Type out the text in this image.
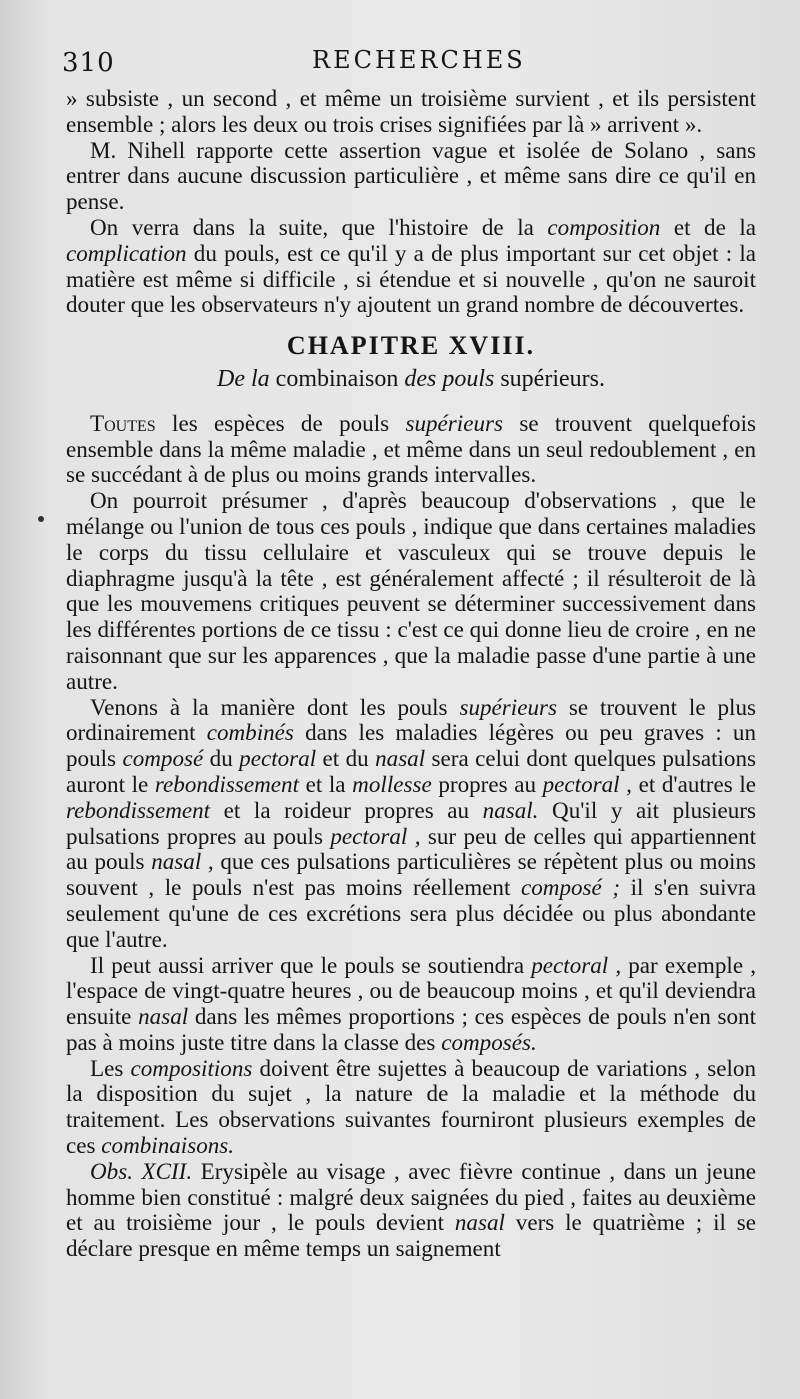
310	RECHERCHES

» subsiste , un second , et même un troisième survient , et ils persistent ensemble ; alors les deux ou trois crises signifiées par là » arrivent ».

M. Nihell rapporte cette assertion vague et isolée de Solano , sans entrer dans aucune discussion particulière , et même sans dire ce qu'il en pense.

On verra dans la suite, que l'histoire de la composition et de la complication du pouls, est ce qu'il y a de plus important sur cet objet : la matière est même si difficile , si étendue et si nouvelle , qu'on ne sauroit douter que les observateurs n'y ajoutent un grand nombre de découvertes.

CHAPITRE XVIII.
De la combinaison des pouls supérieurs.

Toutes les espèces de pouls supérieurs se trouvent quelquefois ensemble dans la même maladie , et même dans un seul redoublement , en se succédant à de plus ou moins grands intervalles.

On pourroit présumer , d'après beaucoup d'observations , que le mélange ou l'union de tous ces pouls , indique que dans certaines maladies le corps du tissu cellulaire et vasculeux qui se trouve depuis le diaphragme jusqu'à la tête , est généralement affecté ; il résulteroit de là que les mouvemens critiques peuvent se déterminer successivement dans les différentes portions de ce tissu : c'est ce qui donne lieu de croire , en ne raisonnant que sur les apparences , que la maladie passe d'une partie à une autre.

Venons à la manière dont les pouls supérieurs se trouvent le plus ordinairement combinés dans les maladies légères ou peu graves : un pouls composé du pectoral et du nasal sera celui dont quelques pulsations auront le rebondissement et la mollesse propres au pectoral , et d'autres le rebondissement et la roideur propres au nasal. Qu'il y ait plusieurs pulsations propres au pouls pectoral , sur peu de celles qui appartiennent au pouls nasal , que ces pulsations particulières se répètent plus ou moins souvent , le pouls n'est pas moins réellement composé ; il s'en suivra seulement qu'une de ces excrétions sera plus décidée ou plus abondante que l'autre.

Il peut aussi arriver que le pouls se soutiendra pectoral , par exemple , l'espace de vingt-quatre heures , ou de beaucoup moins , et qu'il deviendra ensuite nasal dans les mêmes proportions ; ces espèces de pouls n'en sont pas à moins juste titre dans la classe des composés.

Les compositions doivent être sujettes à beaucoup de variations , selon la disposition du sujet , la nature de la maladie et la méthode du traitement. Les observations suivantes fourniront plusieurs exemples de ces combinaisons.

Obs. XCII. Erysipèle au visage , avec fièvre continue , dans un jeune homme bien constitué : malgré deux saignées du pied , faites au deuxième et au troisième jour , le pouls devient nasal vers le quatrième ; il se déclare presque en même temps un saignement
